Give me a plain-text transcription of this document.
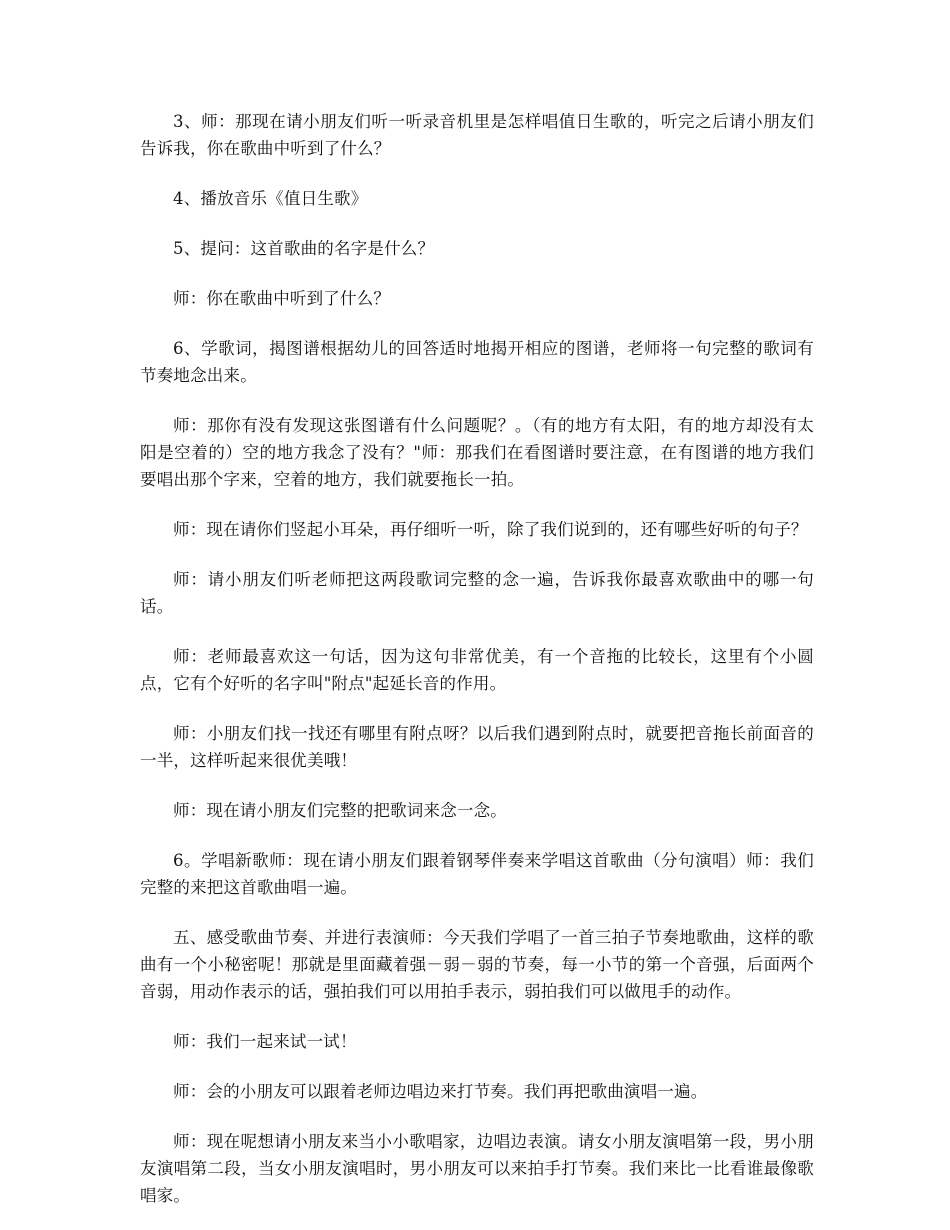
3、师：那现在请小朋友们听一听录音机里是怎样唱值日生歌的，听完之后请小朋友们告诉我，你在歌曲中听到了什么？

4、播放音乐《值日生歌》

5、提问：这首歌曲的名字是什么？

师：你在歌曲中听到了什么？

6、学歌词，揭图谱根据幼儿的回答适时地揭开相应的图谱，老师将一句完整的歌词有节奏地念出来。

师：那你有没有发现这张图谱有什么问题呢？。（有的地方有太阳，有的地方却没有太阳是空着的）空的地方我念了没有？"师：那我们在看图谱时要注意，在有图谱的地方我们要唱出那个字来，空着的地方，我们就要拖长一拍。

师：现在请你们竖起小耳朵，再仔细听一听，除了我们说到的，还有哪些好听的句子？

师：请小朋友们听老师把这两段歌词完整的念一遍，告诉我你最喜欢歌曲中的哪一句话。

师：老师最喜欢这一句话，因为这句非常优美，有一个音拖的比较长，这里有个小圆点，它有个好听的名字叫"附点"起延长音的作用。

师：小朋友们找一找还有哪里有附点呀？以后我们遇到附点时，就要把音拖长前面音的一半，这样听起来很优美哦！

师：现在请小朋友们完整的把歌词来念一念。

6。学唱新歌师：现在请小朋友们跟着钢琴伴奏来学唱这首歌曲（分句演唱）师：我们完整的来把这首歌曲唱一遍。

五、感受歌曲节奏、并进行表演师：今天我们学唱了一首三拍子节奏地歌曲，这样的歌曲有一个小秘密呢！那就是里面藏着强－弱－弱的节奏，每一小节的第一个音强，后面两个音弱，用动作表示的话，强拍我们可以用拍手表示，弱拍我们可以做甩手的动作。

师：我们一起来试一试！

师：会的小朋友可以跟着老师边唱边来打节奏。我们再把歌曲演唱一遍。

师：现在呢想请小朋友来当小小歌唱家，边唱边表演。请女小朋友演唱第一段，男小朋友演唱第二段，当女小朋友演唱时，男小朋友可以来拍手打节奏。我们来比一比看谁最像歌唱家。
